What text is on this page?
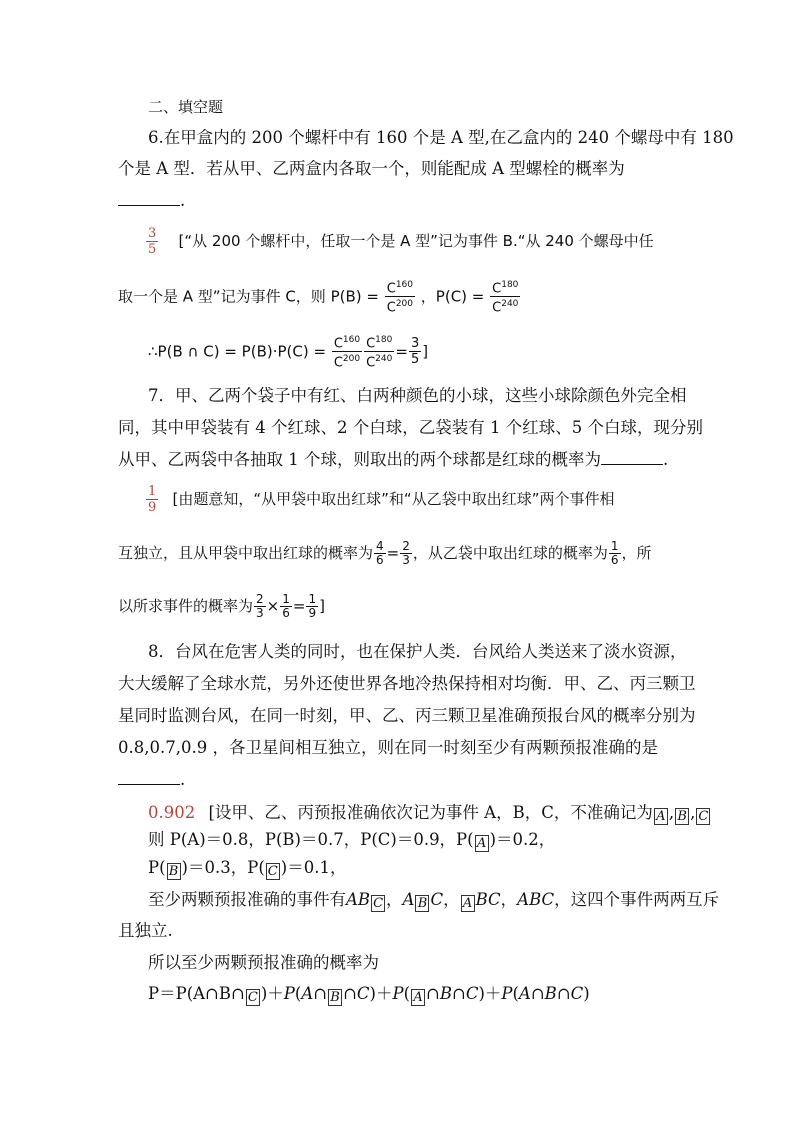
二、填空题
6.在甲盒内的 200 个螺杆中有 160 个是 A 型,在乙盒内的 240 个螺母中有 180
个是 A 型．若从甲、乙两盒内各取一个，则能配成 A 型螺栓的概率为
.
$\frac{3}{5}$ [“从 200 个螺杆中，任取一个是 A 型”记为事件 B.“从 240 个螺母中任
取一个是 A 型”记为事件 C，则 $P(B) = \frac{C^{160}}{C^{200}}$ ，$P(C) = \frac{C^{180}}{C^{240}}$
∴P(B ∩ $C) = P(B)\cdot P(C) = \frac{C^{160}}{C^{200}} \frac{C^{180}}{C^{240}} = \frac{3}{5}$ ]
7．甲、乙两个袋子中有红、白两种颜色的小球，这些小球除颜色外完全相
同，其中甲袋装有 4 个红球、2 个白球，乙袋装有 1 个红球、5 个白球，现分别
从甲、乙两袋中各抽取 1 个球，则取出的两个球都是红球的概率为	.
$\frac{1}{9}$ [由题意知，“从甲袋中取出红球”和“从乙袋中取出红球”两个事件相
互独立，且从甲袋中取出红球的概率为 $\frac{4}{6} = \frac{2}{3}$ ，从乙袋中取出红球的概率为 $\frac{1}{6}$ ，所
以所求事件的概率为 $\frac{2}{3} \times \frac{1}{6} = \frac{1}{9}$ ]
8．台风在危害人类的同时，也在保护人类．台风给人类送来了淡水资源，
大大缓解了全球水荒，另外还使世界各地冷热保持相对均衡．甲、乙、丙三颗卫
星同时监测台风，在同一时刻，甲、乙、丙三颗卫星准确预报台风的概率分别为
0.8,0.7,0.9 ，各卫星间相互独立，则在同一时刻至少有两颗预报准确的是
.
0.902 [设甲、乙、丙预报准确依次记为事件 A，B，C，不准确记为 A , B , C
则 P(A)＝0.8，P(B)＝0.7，P(C)＝0.9，P( A )＝0.2，
P( B )＝0.3，P( C )＝0.1，
至少两颗预报准确的事件有AB C ，A B C， A BC，ABC，这四个事件两两互斥
且独立.
所以至少两颗预报准确的概率为
P＝P(A∩B∩ C )＋P(A∩ B ∩C)＋P( A ∩B∩C)＋P(A∩B∩C)
